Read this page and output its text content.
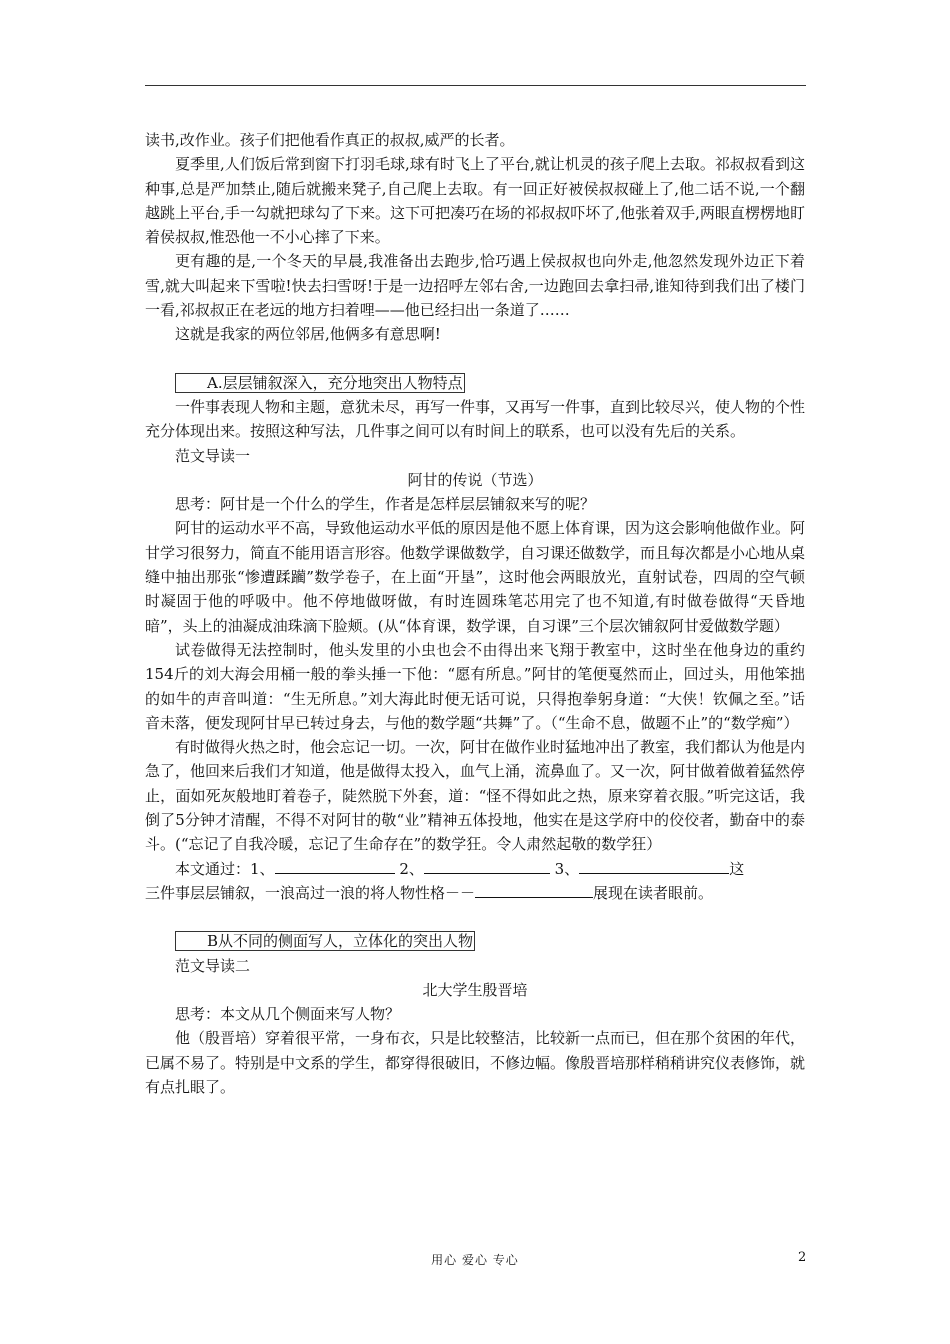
读书,改作业。孩子们把他看作真正的叔叔,威严的长者。

夏季里,人们饭后常到窗下打羽毛球,球有时飞上了平台,就让机灵的孩子爬上去取。祁叔叔看到这种事,总是严加禁止,随后就搬来凳子,自己爬上去取。有一回正好被侯叔叔碰上了,他二话不说,一个翻越跳上平台,手一勾就把球勾了下来。这下可把凑巧在场的祁叔叔吓坏了,他张着双手,两眼直楞楞地盯着侯叔叔,惟恐他一不小心摔了下来。

更有趣的是,一个冬天的早晨,我准备出去跑步,恰巧遇上侯叔叔也向外走,他忽然发现外边正下着雪,就大叫起来下雪啦!快去扫雪呀!于是一边招呼左邻右舍,一边跑回去拿扫帚,谁知待到我们出了楼门一看,祁叔叔正在老远的地方扫着哩——他已经扫出一条道了……

这就是我家的两位邻居,他俩多有意思啊!

A.层层铺叙深入，充分地突出人物特点

一件事表现人物和主题，意犹未尽，再写一件事，又再写一件事，直到比较尽兴，使人物的个性充分体现出来。按照这种写法，几件事之间可以有时间上的联系，也可以没有先后的关系。

范文导读一

阿甘的传说（节选）

思考：阿甘是一个什么的学生，作者是怎样层层铺叙来写的呢？

阿甘的运动水平不高，导致他运动水平低的原因是他不愿上体育课，因为这会影响他做作业。阿甘学习很努力，简直不能用语言形容。他数学课做数学，自习课还做数学，而且每次都是小心地从桌缝中抽出那张“惨遭蹂躏”数学卷子，在上面“开垦”，这时他会两眼放光，直射试卷，四周的空气顿时凝固于他的呼吸中。他不停地做呀做，有时连圆珠笔芯用完了也不知道,有时做卷做得“天昏地暗”，头上的油凝成油珠滴下脸颊。(从“体育课，数学课，自习课”三个层次铺叙阿甘爱做数学题）

试卷做得无法控制时，他头发里的小虫也会不由得出来飞翔于教室中，这时坐在他身边的重约154斤的刘大海会用桶一般的拳头捶一下他：“愿有所息。”阿甘的笔便戛然而止，回过头，用他笨拙的如牛的声音叫道：“生无所息。”刘大海此时便无话可说，只得抱拳躬身道：“大侠！钦佩之至。”话音未落，便发现阿甘早已转过身去，与他的数学题“共舞”了。（“生命不息，做题不止”的“数学痴”）

有时做得火热之时，他会忘记一切。一次，阿甘在做作业时猛地冲出了教室，我们都认为他是内急了，他回来后我们才知道，他是做得太投入，血气上涌，流鼻血了。又一次，阿甘做着做着猛然停止，面如死灰般地盯着卷子，陡然脱下外套，道：“怪不得如此之热，原来穿着衣服。”听完这话，我倒了5分钟才清醒，不得不对阿甘的敬“业”精神五体投地，他实在是这学府中的佼佼者，勤奋中的泰斗。(“忘记了自我冷暖，忘记了生命存在”的数学狂。令人肃然起敬的数学狂）

本文通过：1、	2、	3、	这

三件事层层铺叙，一浪高过一浪的将人物性格－－	展现在读者眼前。

B从不同的侧面写人，立体化的突出人物

范文导读二

北大学生殷晋培

思考：本文从几个侧面来写人物？

他（殷晋培）穿着很平常，一身布衣，只是比较整洁，比较新一点而已，但在那个贫困的年代，已属不易了。特别是中文系的学生，都穿得很破旧，不修边幅。像殷晋培那样稍稍讲究仪表修饰，就有点扎眼了。

用心 爱心 专心	2
